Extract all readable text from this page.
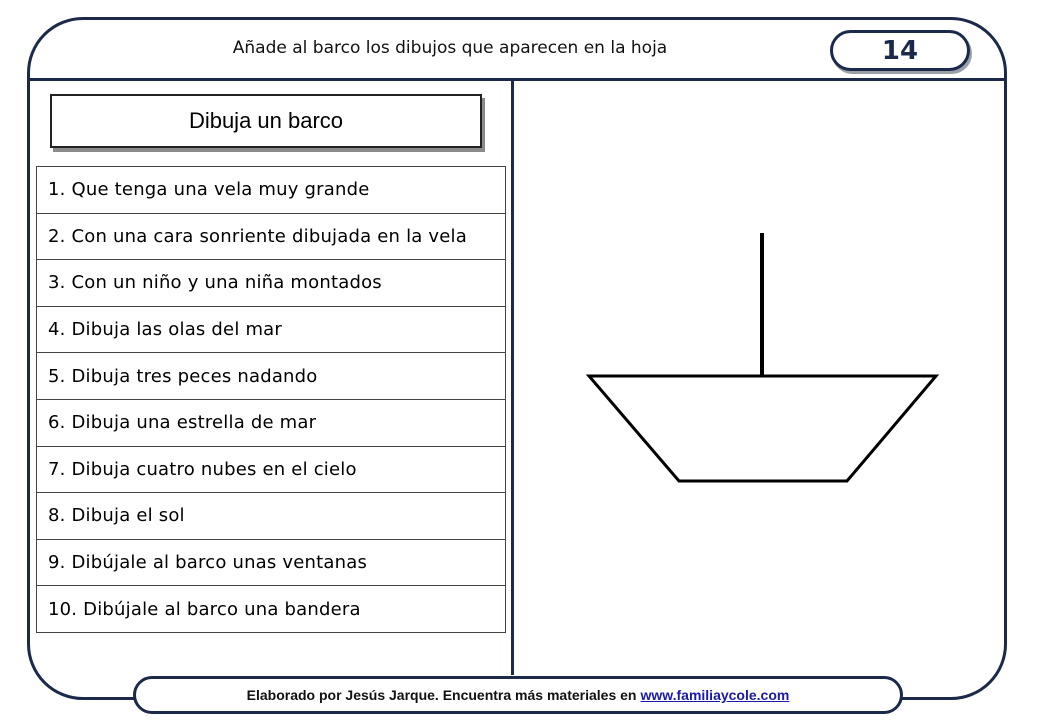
Añade al barco los dibujos que aparecen en la hoja	14
Dibuja un barco
1. Que tenga una vela muy grande
2. Con una cara sonriente dibujada en la vela
3. Con un niño y una niña montados
4. Dibuja las olas del mar
5. Dibuja tres peces nadando
6. Dibuja una estrella de mar
7. Dibuja cuatro nubes en el cielo
8. Dibuja el sol
9. Dibújale al barco unas ventanas
10. Dibújale al barco una bandera
Elaborado por Jesús Jarque. Encuentra más materiales en www.familiaycole.com
